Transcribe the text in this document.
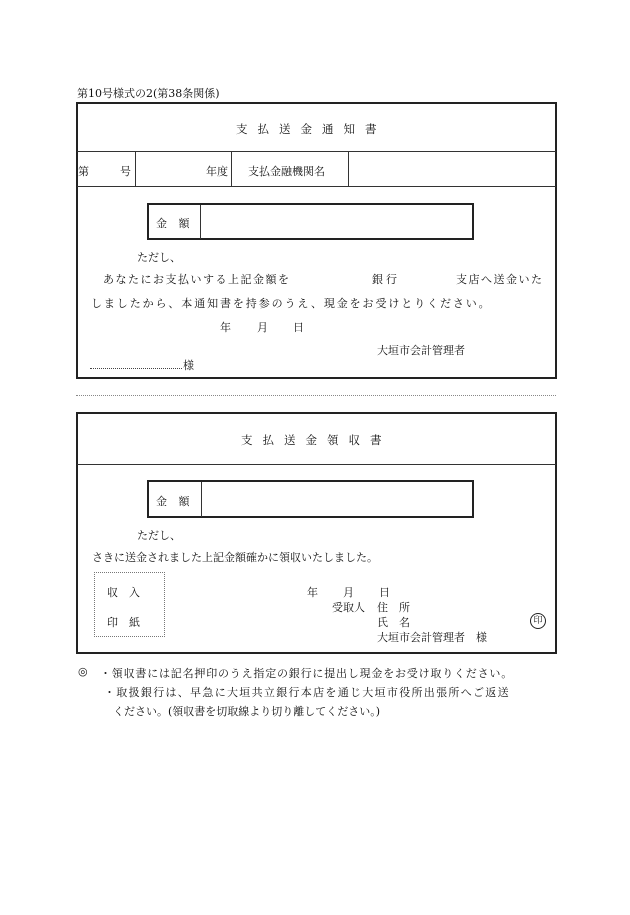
第10号様式の2(第38条関係)
支払送金通知書
第	号	年度 支払金融機関名
金 額
ただし、
あなたにお支払いする上記金額を	銀行	支店へ送金いた
しましたから、本通知書を持参のうえ、現金をお受けとりください。
年 月 日
大垣市会計管理者
様
支払送金領収書
金 額
ただし、
さきに送金されました上記金額確かに領収いたしました。
収　入
印　紙
年 月 日
受取人 住　所
氏　名	印
大垣市会計管理者　様
◎ ・領収書には記名押印のうえ指定の銀行に提出し現金をお受け取りください。
・取扱銀行は、早急に大垣共立銀行本店を通じ大垣市役所出張所へご返送
ください。(領収書を切取線より切り離してください。)
